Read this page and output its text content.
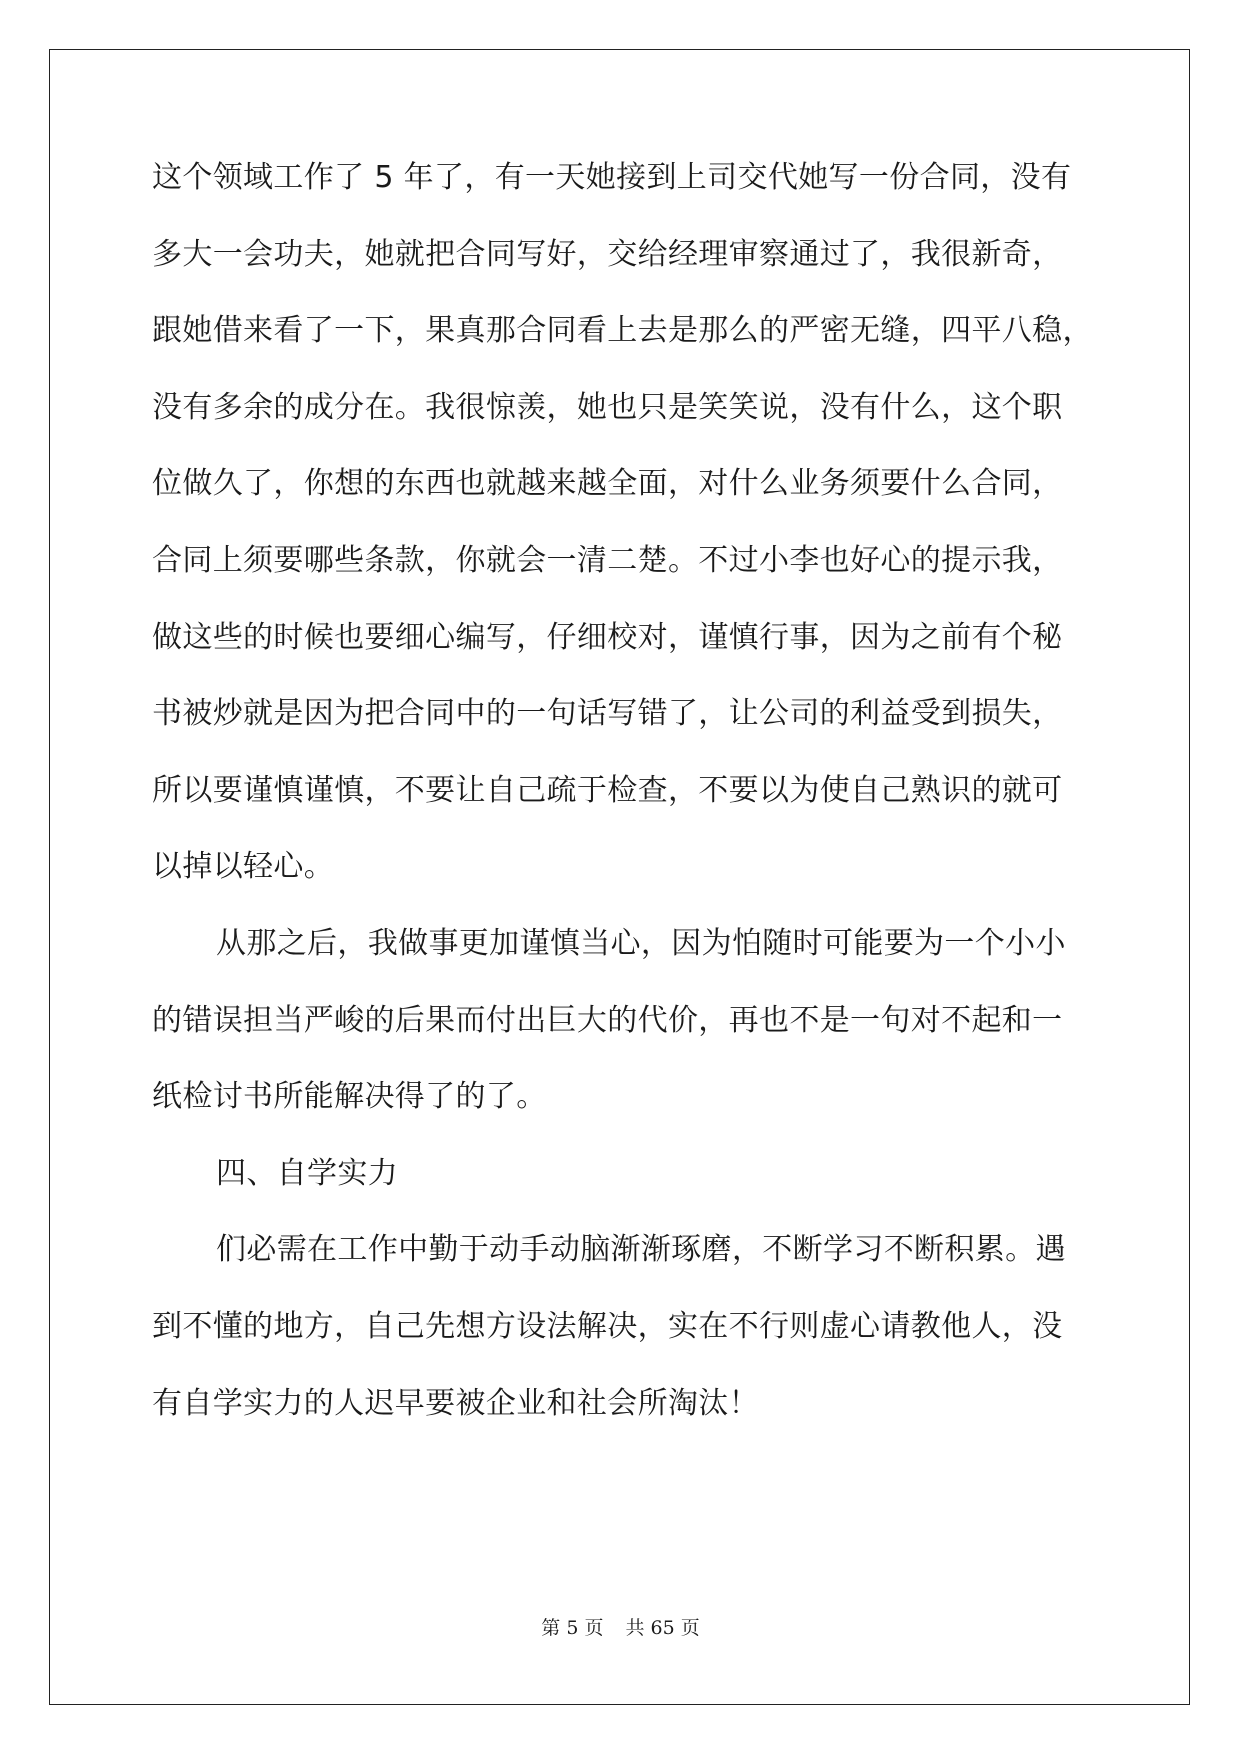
这个领域工作了 5 年了，有一天她接到上司交代她写一份合同，没有
多大一会功夫，她就把合同写好，交给经理审察通过了，我很新奇，
跟她借来看了一下，果真那合同看上去是那么的严密无缝，四平八稳，
没有多余的成分在。我很惊羡，她也只是笑笑说，没有什么，这个职
位做久了，你想的东西也就越来越全面，对什么业务须要什么合同，
合同上须要哪些条款，你就会一清二楚。不过小李也好心的提示我，
做这些的时候也要细心编写，仔细校对，谨慎行事，因为之前有个秘
书被炒就是因为把合同中的一句话写错了，让公司的利益受到损失，
所以要谨慎谨慎，不要让自己疏于检查，不要以为使自己熟识的就可
以掉以轻心。
从那之后，我做事更加谨慎当心，因为怕随时可能要为一个小小
的错误担当严峻的后果而付出巨大的代价，再也不是一句对不起和一
纸检讨书所能解决得了的了。
四、自学实力
们必需在工作中勤于动手动脑渐渐琢磨，不断学习不断积累。遇
到不懂的地方，自己先想方设法解决，实在不行则虚心请教他人，没
有自学实力的人迟早要被企业和社会所淘汰！
第 5 页 共 65 页
